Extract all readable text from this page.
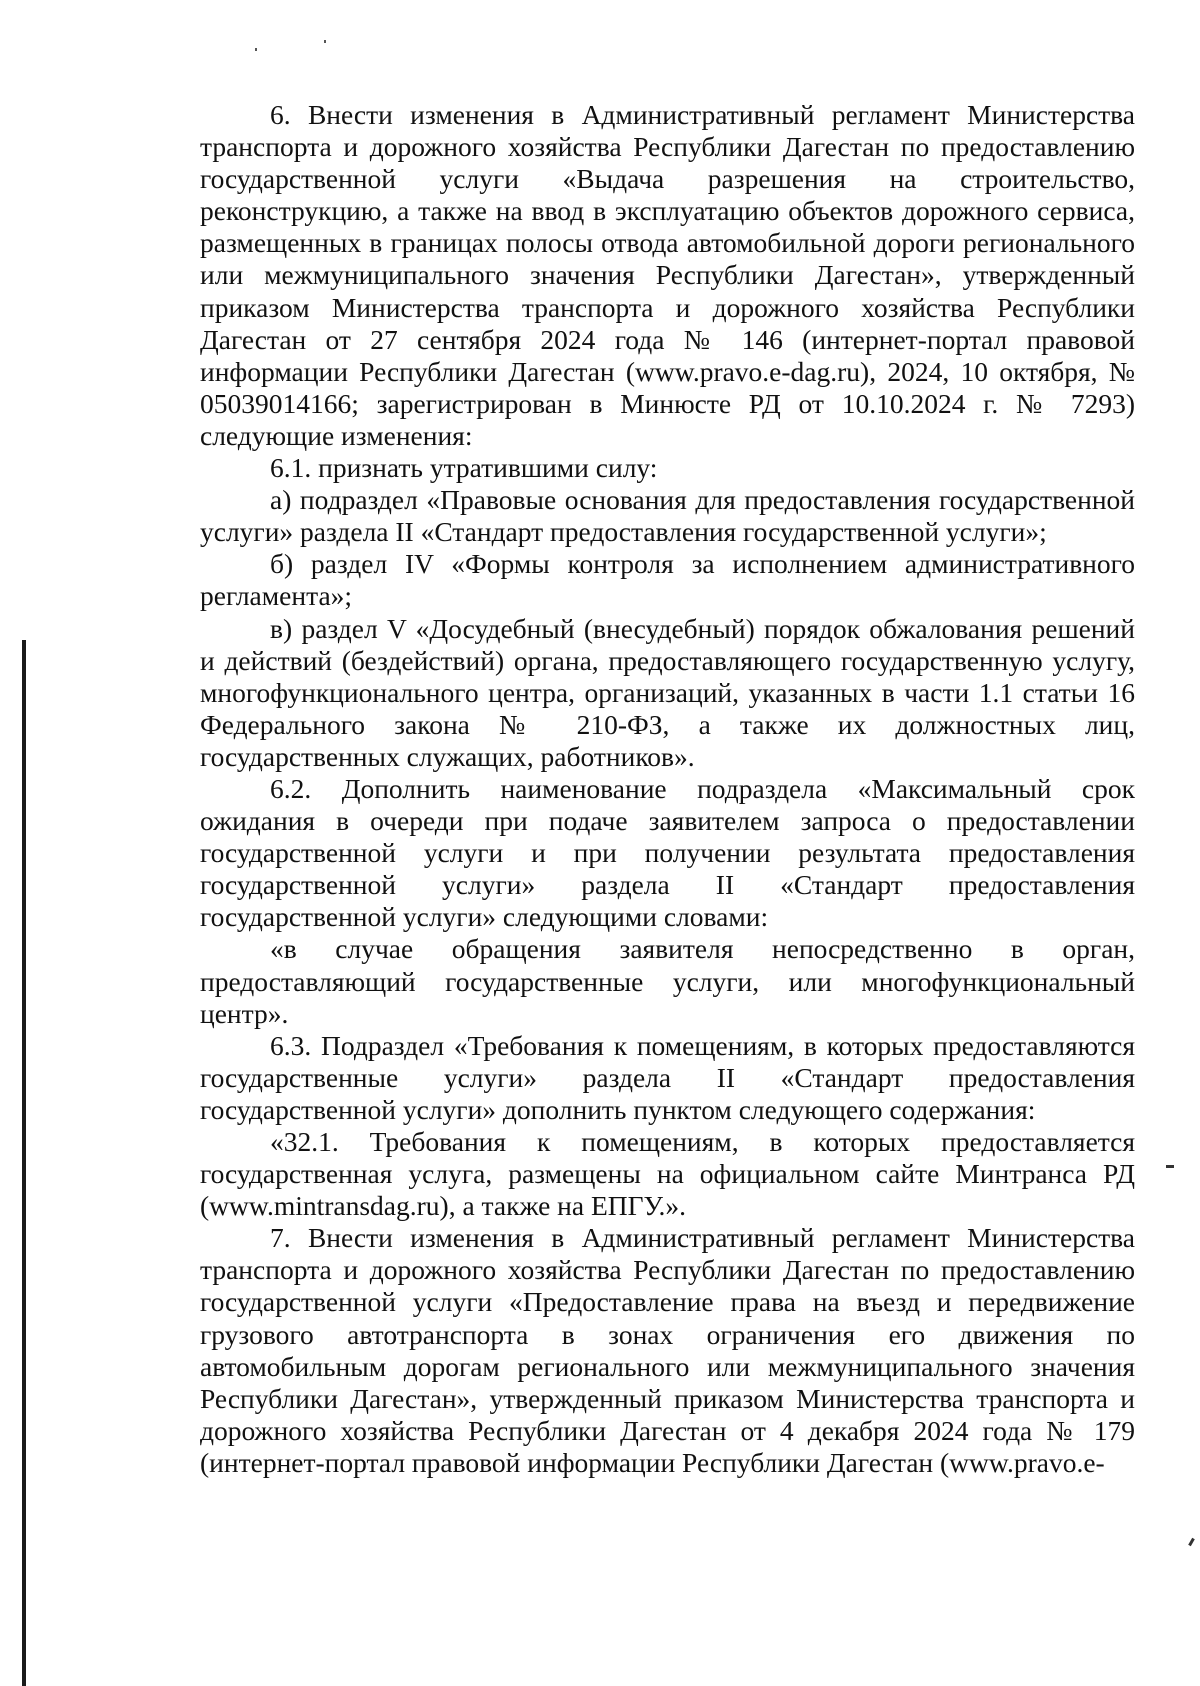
6. Внести изменения в Административный регламент Министерства транспорта и дорожного хозяйства Республики Дагестан по предоставлению государственной услуги «Выдача разрешения на строительство, реконструкцию, а также на ввод в эксплуатацию объектов дорожного сервиса, размещенных в границах полосы отвода автомобильной дороги регионального или межмуниципального значения Республики Дагестан», утвержденный приказом Министерства транспорта и дорожного хозяйства Республики Дагестан от 27 сентября 2024 года № 146 (интернет-портал правовой информации Республики Дагестан (www.pravo.e-dag.ru), 2024, 10 октября, № 05039014166; зарегистрирован в Минюсте РД от 10.10.2024 г. № 7293) следующие изменения:

6.1. признать утратившими силу:

а) подраздел «Правовые основания для предоставления государственной услуги» раздела II «Стандарт предоставления государственной услуги»;

б) раздел IV «Формы контроля за исполнением административного регламента»;

в) раздел V «Досудебный (внесудебный) порядок обжалования решений и действий (бездействий) органа, предоставляющего государственную услугу, многофункционального центра, организаций, указанных в части 1.1 статьи 16 Федерального закона № 210-ФЗ, а также их должностных лиц, государственных служащих, работников».

6.2. Дополнить наименование подраздела «Максимальный срок ожидания в очереди при подаче заявителем запроса о предоставлении государственной услуги и при получении результата предоставления государственной услуги» раздела II «Стандарт предоставления государственной услуги» следующими словами:

«в случае обращения заявителя непосредственно в орган, предоставляющий государственные услуги, или многофункциональный центр».

6.3. Подраздел «Требования к помещениям, в которых предоставляются государственные услуги» раздела II «Стандарт предоставления государственной услуги» дополнить пунктом следующего содержания:

«32.1. Требования к помещениям, в которых предоставляется государственная услуга, размещены на официальном сайте Минтранса РД (www.mintransdag.ru), а также на ЕПГУ.».

7. Внести изменения в Административный регламент Министерства транспорта и дорожного хозяйства Республики Дагестан по предоставлению государственной услуги «Предоставление права на въезд и передвижение грузового автотранспорта в зонах ограничения его движения по автомобильным дорогам регионального или межмуниципального значения Республики Дагестан», утвержденный приказом Министерства транспорта и дорожного хозяйства Республики Дагестан от 4 декабря 2024 года № 179 (интернет-портал правовой информации Республики Дагестан (www.pravo.e-
